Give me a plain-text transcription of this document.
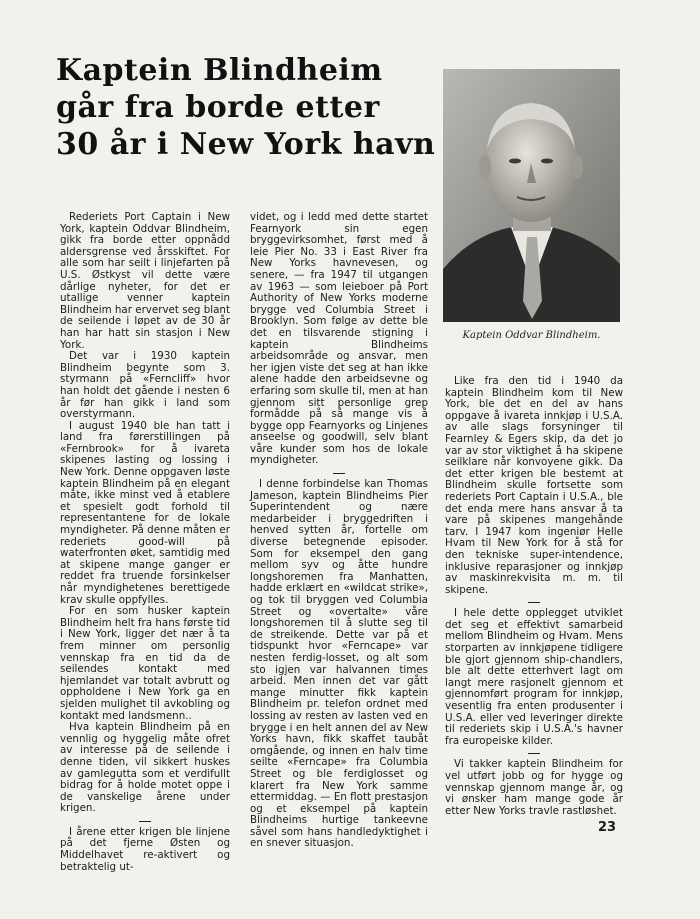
Kaptein Blindheim
går fra borde etter
30 år i New York havn
Kaptein Oddvar Blindheim.

Rederiets Port Captain i New York, kaptein Oddvar Blindheim, gikk fra borde etter oppnådd aldersgrense ved årsskiftet. For alle som har seilt i linjefarten på U.S. Østkyst vil dette være dårlige nyheter, for det er utallige venner kaptein Blindheim har ervervet seg blant de seilende i løpet av de 30 år han har hatt sin stasjon i New York.

Det var i 1930 kaptein Blindheim begynte som 3. styrmann på «Ferncliff» hvor han holdt det gående i nesten 6 år før han gikk i land som overstyrmann.

I august 1940 ble han tatt i land fra førerstillingen på «Fernbrook» for å ivareta skipenes lasting og lossing i New York. Denne oppgaven løste kaptein Blindheim på en elegant måte, ikke minst ved å etablere et spesielt godt forhold til representantene for de lokale myndigheter. På denne måten er rederiets good-will på waterfronten øket, samtidig med at skipene mange ganger er reddet fra truende forsinkelser når myndighetenes berettigede krav skulle oppfylles.

For en som husker kaptein Blindheim helt fra hans første tid i New York, ligger det nær å ta frem minner om personlig vennskap fra en tid da de seilendes kontakt med hjemlandet var totalt avbrutt og oppholdene i New York ga en sjelden mulighet til avkobling og kontakt med landsmenn..

Hva kaptein Blindheim på en vennlig og hyggelig måte ofret av interesse på de seilende i denne tiden, vil sikkert huskes av gamlegutta som et verdifullt bidrag for å holde motet oppe i de vanskelige årene under krigen.

I årene etter krigen ble linjene på det fjerne Østen og Middelhavet re-aktivert og betraktelig ut-

videt, og i ledd med dette startet Fearnyork sin egen bryggevirksomhet, først med å leie Pier No. 33 i East River fra New Yorks havnevesen, og senere, — fra 1947 til utgangen av 1963 — som leieboer på Port Authority of New Yorks moderne brygge ved Columbia Street i Brooklyn. Som følge av dette ble det en tilsvarende stigning i kaptein Blindheims arbeidsområde og ansvar, men her igjen viste det seg at han ikke alene hadde den arbeidsevne og erfaring som skulle til, men at han gjennom sitt personlige grep formådde på så mange vis å bygge opp Fearnyorks og Linjenes anseelse og goodwill, selv blant våre kunder som hos de lokale myndigheter.

I denne forbindelse kan Thomas Jameson, kaptein Blindheims Pier Superintendent og nære medarbeider i bryggedriften i henved sytten år, fortelle om diverse betegnende episoder. Som for eksempel den gang mellom syv og åtte hundre longshoremen fra Manhatten, hadde erklært en «wildcat strike», og tok til bryggen ved Columbia Street og «overtalte» våre longshoremen til å slutte seg til de streikende. Dette var på et tidspunkt hvor «Ferncape» var nesten ferdig-losset, og alt som sto igjen var halvannen times arbeid. Men innen det var gått mange minutter fikk kaptein Blindheim pr. telefon ordnet med lossing av resten av lasten ved en brygge i en helt annen del av New Yorks havn, fikk skaffet taubåt omgående, og innen en halv time seilte «Ferncape» fra Columbia Street og ble ferdiglosset og klarert fra New York samme ettermiddag. — En flott prestasjon og et eksempel på kaptein Blindheims hurtige tankeevne såvel som hans handledyktighet i en snever situasjon.

Like fra den tid i 1940 da kaptein Blindheim kom til New York, ble det en del av hans oppgave å ivareta innkjøp i U.S.A. av alle slags forsyninger til Fearnley & Egers skip, da det jo var av stor viktighet å ha skipene seilklare når konvoyene gikk. Da det etter krigen ble bestemt at Blindheim skulle fortsette som rederiets Port Captain i U.S.A., ble det enda mere hans ansvar å ta vare på skipenes mangehånde tarv. I 1947 kom ingeniør Helle Hvam til New York for å stå for den tekniske super-intendence, inklusive reparasjoner og innkjøp av maskinrekvisita m. m. til skipene.

I hele dette opplegget utviklet det seg et effektivt samarbeid mellom Blindheim og Hvam. Mens storparten av innkjøpene tidligere ble gjort gjennom ship-chandlers, ble alt dette etterhvert lagt om langt mere rasjonelt gjennom et gjennomført program for innkjøp, vesentlig fra enten produsenter i U.S.A. eller ved leveringer direkte til rederiets skip i U.S.A.'s havner fra europeiske kilder.

Vi takker kaptein Blindheim for vel utført jobb og for hygge og vennskap gjennom mange år, og vi ønsker ham mange gode år etter New Yorks travle rastløshet.

23
